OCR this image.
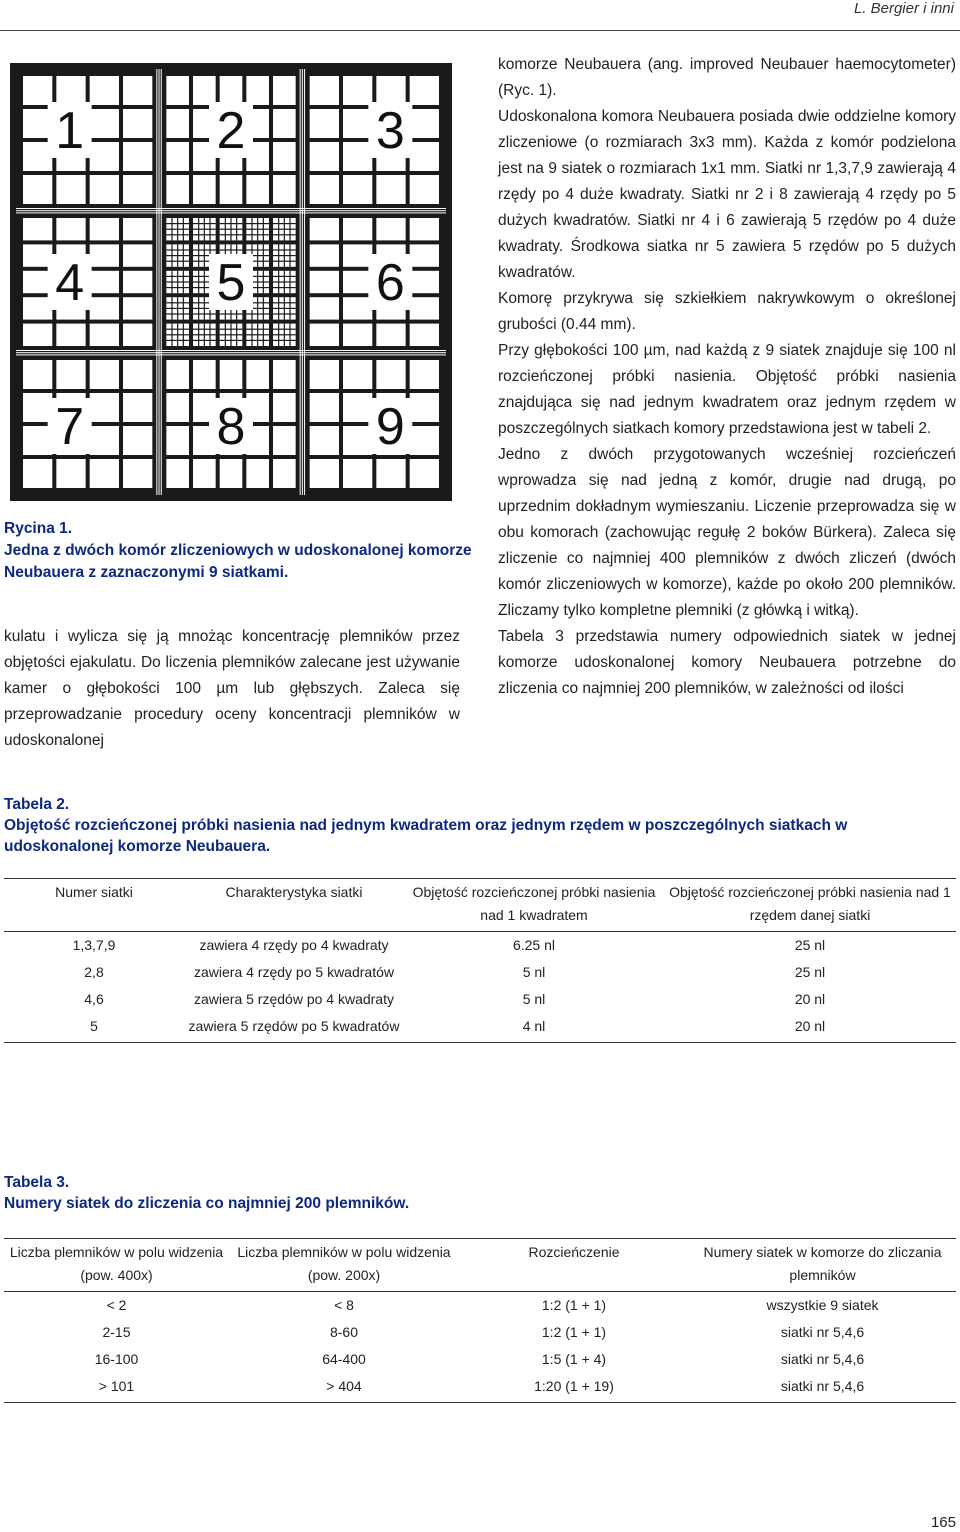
L. Bergier i inni
1	2	3
4	5	6
7	8	9
Rycina 1.
Jedna z dwóch komór zliczeniowych w udoskonalonej komorze Neubauera z zaznaczonymi 9 siatkami.

kulatu i wylicza się ją mnożąc koncentrację plemników przez objętości ejakulatu. Do liczenia plemników zalecane jest używanie kamer o głębokości 100 µm lub głębszych. Zaleca się przeprowadzanie procedury oceny koncentracji plemników w udoskonalonej

komorze Neubauera (ang. improved Neubauer haemocytometer) (Ryc. 1).

Udoskonalona komora Neubauera posiada dwie oddzielne komory zliczeniowe (o rozmiarach 3x3 mm). Każda z komór podzielona jest na 9 siatek o rozmiarach 1x1 mm. Siatki nr 1,3,7,9 zawierają 4 rzędy po 4 duże kwadraty. Siatki nr 2 i 8 zawierają 4 rzędy po 5 dużych kwadratów. Siatki nr 4 i 6 zawierają 5 rzędów po 4 duże kwadraty. Środkowa siatka nr 5 zawiera 5 rzędów po 5 dużych kwadratów.

Komorę przykrywa się szkiełkiem nakrywkowym o określonej grubości (0.44 mm).

Przy głębokości 100 µm, nad każdą z 9 siatek znajduje się 100 nl rozcieńczonej próbki nasienia. Objętość próbki nasienia znajdująca się nad jednym kwadratem oraz jednym rzędem w poszczególnych siatkach komory przedstawiona jest w tabeli 2.

Jedno z dwóch przygotowanych wcześniej rozcieńczeń wprowadza się nad jedną z komór, drugie nad drugą, po uprzednim dokładnym wymieszaniu. Liczenie przeprowadza się w obu komorach (zachowując regułę 2 boków Bürkera). Zaleca się zliczenie co najmniej 400 plemników z dwóch zliczeń (dwóch komór zliczeniowych w komorze), każde po około 200 plemników. Zliczamy tylko kompletne plemniki (z główką i witką).

Tabela 3 przedstawia numery odpowiednich siatek w jednej komorze udoskonalonej komory Neubauera potrzebne do zliczenia co najmniej 200 plemników, w zależności od ilości

Tabela 2.
Objętość rozcieńczonej próbki nasienia nad jednym kwadratem oraz jednym rzędem w poszczególnych siatkach w udoskonalonej komorze Neubauera.
Numer siatki	Charakterystyka siatki	Objętość rozcieńczonej próbki nasienia nad 1 kwadratem	Objętość rozcieńczonej próbki nasienia nad 1 rzędem danej siatki
1,3,7,9	zawiera 4 rzędy po 4 kwadraty	6.25 nl	25 nl
2,8	zawiera 4 rzędy po 5 kwadratów	5 nl	25 nl
4,6	zawiera 5 rzędów po 4 kwadraty	5 nl	20 nl
5	zawiera 5 rzędów po 5 kwadratów	4 nl	20 nl
Tabela 3.
Numery siatek do zliczenia co najmniej 200 plemników.
Liczba plemników w polu widzenia (pow. 400x)	Liczba plemników w polu widzenia (pow. 200x)	Rozcieńczenie	Numery siatek w komorze do zliczania plemników
< 2	< 8	1:2 (1 + 1)	wszystkie 9 siatek
2-15	8-60	1:2 (1 + 1)	siatki nr 5,4,6
16-100	64-400	1:5 (1 + 4)	siatki nr 5,4,6
> 101	> 404	1:20 (1 + 19)	siatki nr 5,4,6
165
